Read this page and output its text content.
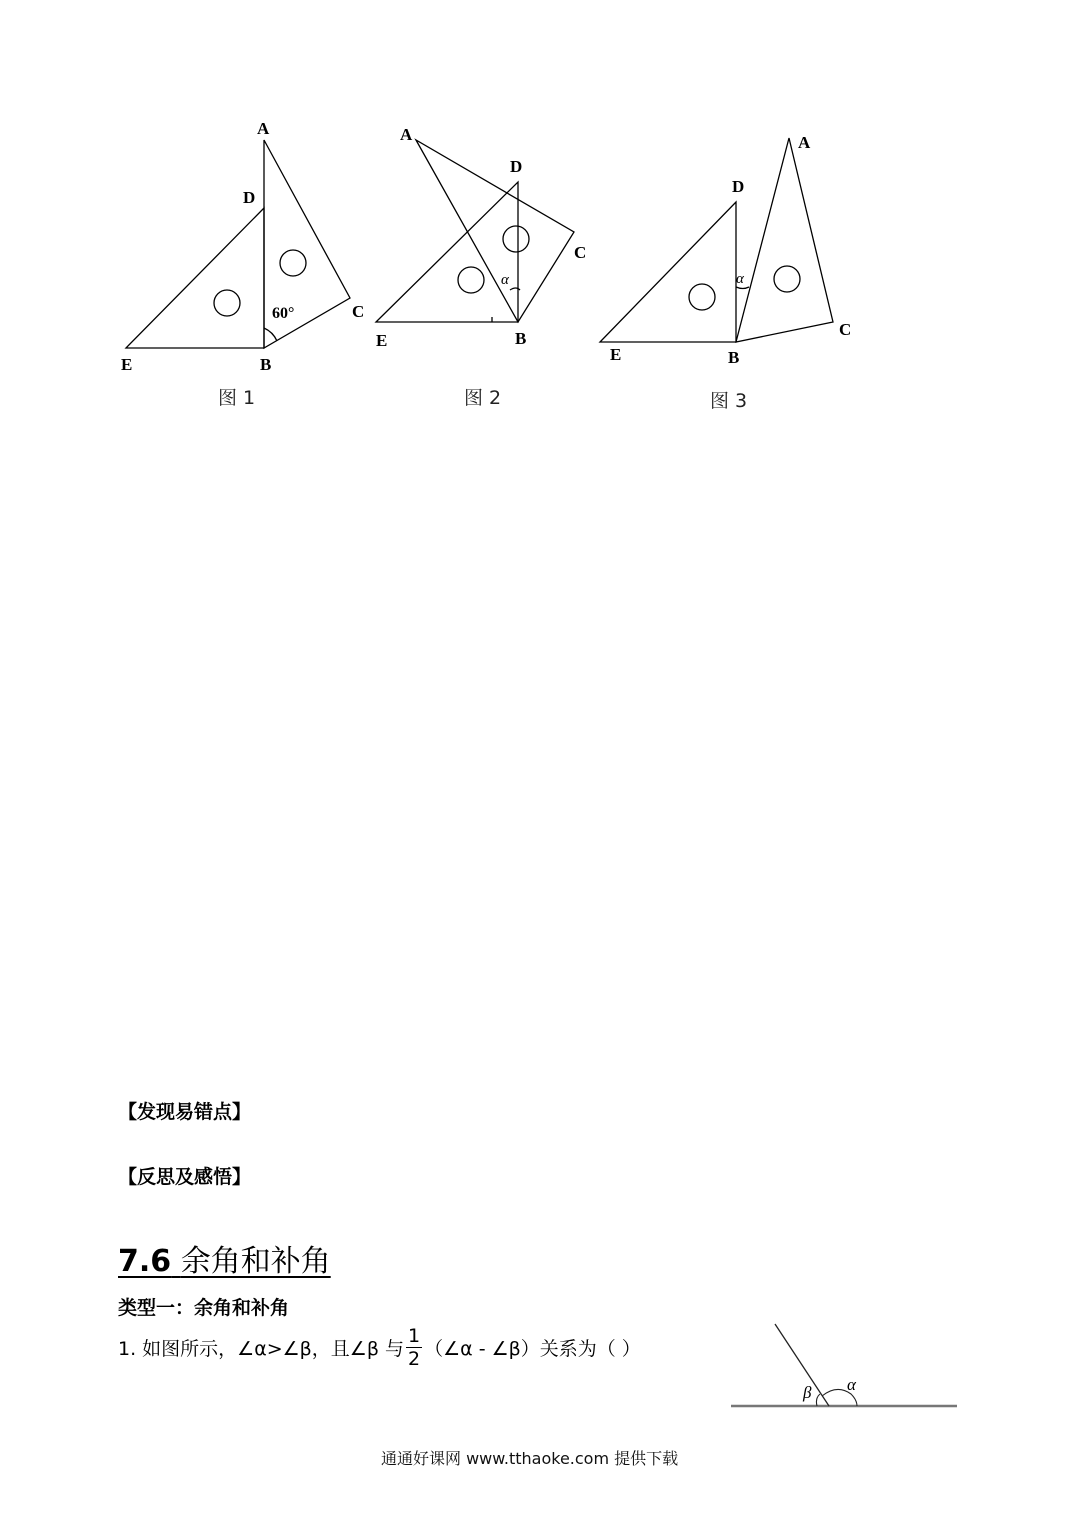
A
D
E	B
C
60°
图 1
A
D
E	B
C
α
图 2
A
D
E	B
C
α
图 3
【发现易错点】
【反思及感悟】
7.6 余角和补角
类型一：余角和补角
1. 如图所示，∠α>∠β，且∠β 与 $\frac{1}{2}$ （∠α - ∠β）关系为（ ）
β α
通通好课网 www.tthaoke.com 提供下载
